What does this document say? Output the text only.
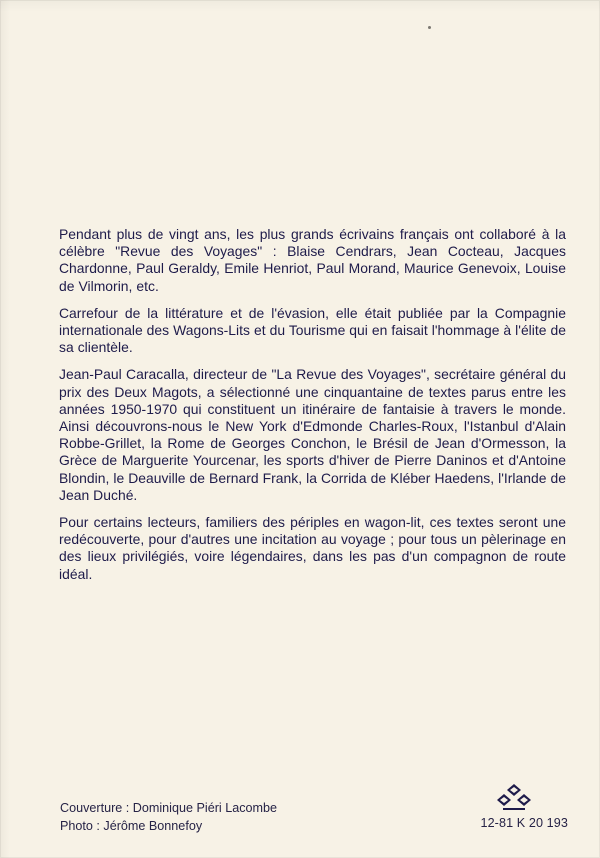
Pendant plus de vingt ans, les plus grands écrivains français ont collaboré à la célèbre "Revue des Voyages" : Blaise Cendrars, Jean Cocteau, Jacques Chardonne, Paul Geraldy, Emile Henriot, Paul Morand, Maurice Genevoix, Louise de Vilmorin, etc.

Carrefour de la littérature et de l'évasion, elle était publiée par la Compagnie internationale des Wagons-Lits et du Tourisme qui en faisait l'hommage à l'élite de sa clientèle.

Jean-Paul Caracalla, directeur de "La Revue des Voyages", secrétaire général du prix des Deux Magots, a sélectionné une cinquantaine de textes parus entre les années 1950-1970 qui constituent un itinéraire de fantaisie à travers le monde. Ainsi découvrons-nous le New York d'Edmonde Charles-Roux, l'Istanbul d'Alain Robbe-Grillet, la Rome de Georges Conchon, le Brésil de Jean d'Ormesson, la Grèce de Marguerite Yourcenar, les sports d'hiver de Pierre Daninos et d'Antoine Blondin, le Deauville de Bernard Frank, la Corrida de Kléber Haedens, l'Irlande de Jean Duché.

Pour certains lecteurs, familiers des périples en wagon-lit, ces textes seront une redécouverte, pour d'autres une incitation au voyage ; pour tous un pèlerinage en des lieux privilégiés, voire légendaires, dans les pas d'un compagnon de route idéal.

Couverture : Dominique Piéri Lacombe
Photo : Jérôme Bonnefoy	12-81 K 20 193
